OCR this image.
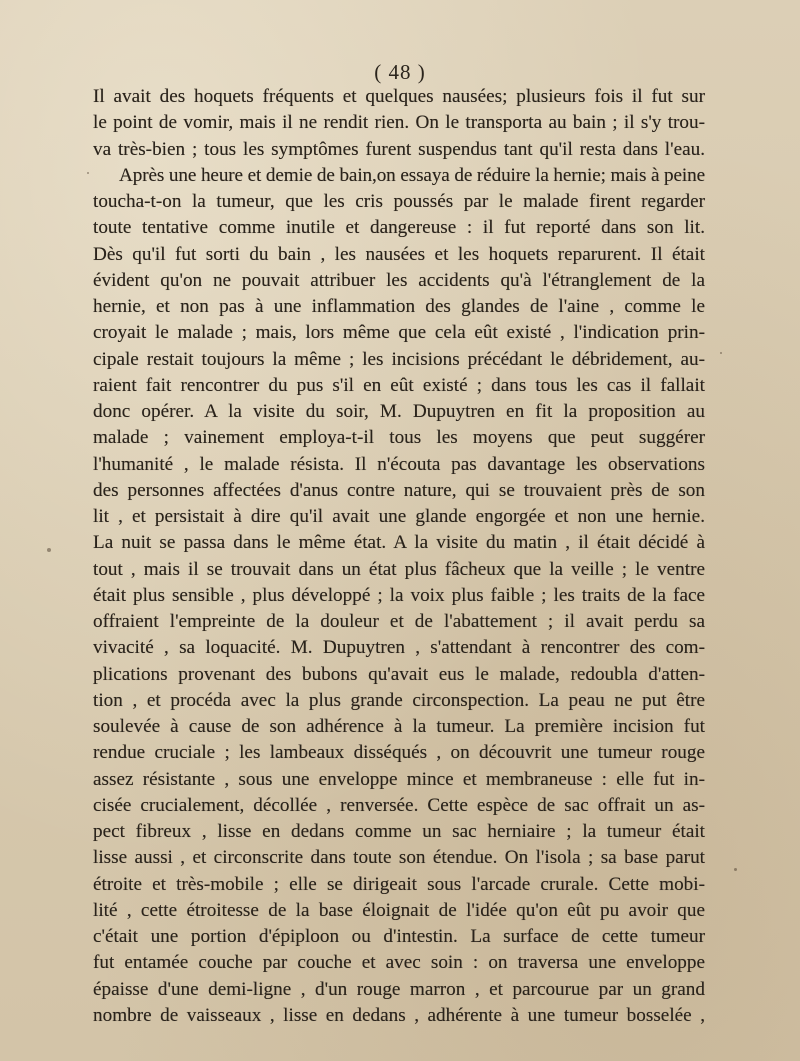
( 48 )
Il avait des hoquets fréquents et quelques nausées; plusieurs fois il fut sur
le point de vomir, mais il ne rendit rien. On le transporta au bain ; il s'y trou-
va très-bien ; tous les symptômes furent suspendus tant qu'il resta dans l'eau.
Après une heure et demie de bain,on essaya de réduire la hernie; mais à peine
toucha-t-on la tumeur, que les cris poussés par le malade firent regarder
toute tentative comme inutile et dangereuse : il fut reporté dans son lit.
Dès qu'il fut sorti du bain , les nausées et les hoquets reparurent. Il était
évident qu'on ne pouvait attribuer les accidents qu'à l'étranglement de la
hernie, et non pas à une inflammation des glandes de l'aine , comme le
croyait le malade ; mais, lors même que cela eût existé , l'indication prin-
cipale restait toujours la même ; les incisions précédant le débridement, au-
raient fait rencontrer du pus s'il en eût existé ; dans tous les cas il fallait
donc opérer. A la visite du soir, M. Dupuytren en fit la proposition au
malade ; vainement employa-t-il tous les moyens que peut suggérer
l'humanité , le malade résista. Il n'écouta pas davantage les observations
des personnes affectées d'anus contre nature, qui se trouvaient près de son
lit , et persistait à dire qu'il avait une glande engorgée et non une hernie.
La nuit se passa dans le même état. A la visite du matin , il était décidé à
tout , mais il se trouvait dans un état plus fâcheux que la veille ; le ventre
était plus sensible , plus développé ; la voix plus faible ; les traits de la face
offraient l'empreinte de la douleur et de l'abattement ; il avait perdu sa
vivacité , sa loquacité. M. Dupuytren , s'attendant à rencontrer des com-
plications provenant des bubons qu'avait eus le malade, redoubla d'atten-
tion , et procéda avec la plus grande circonspection. La peau ne put être
soulevée à cause de son adhérence à la tumeur. La première incision fut
rendue cruciale ; les lambeaux disséqués , on découvrit une tumeur rouge
assez résistante , sous une enveloppe mince et membraneuse : elle fut in-
cisée crucialement, décollée , renversée. Cette espèce de sac offrait un as-
pect fibreux , lisse en dedans comme un sac herniaire ; la tumeur était
lisse aussi , et circonscrite dans toute son étendue. On l'isola ; sa base parut
étroite et très-mobile ; elle se dirigeait sous l'arcade crurale. Cette mobi-
lité , cette étroitesse de la base éloignait de l'idée qu'on eût pu avoir que
c'était une portion d'épiploon ou d'intestin. La surface de cette tumeur
fut entamée couche par couche et avec soin : on traversa une enveloppe
épaisse d'une demi-ligne , d'un rouge marron , et parcourue par un grand
nombre de vaisseaux , lisse en dedans , adhérente à une tumeur bosselée ,
